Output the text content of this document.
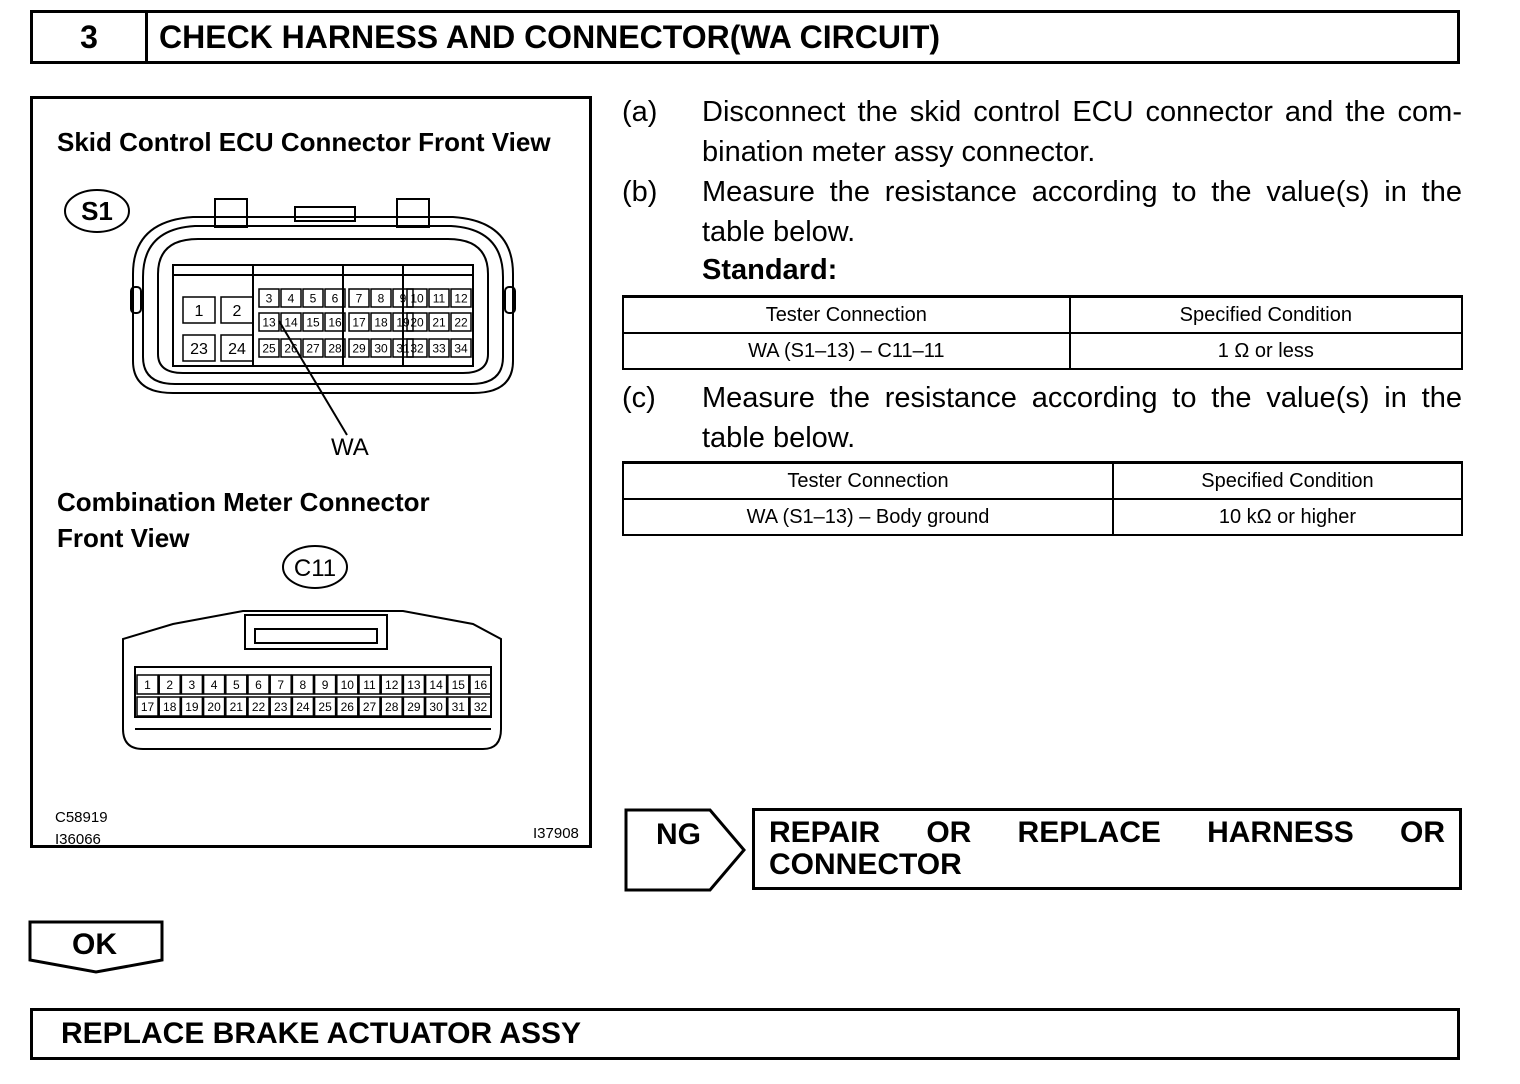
3	CHECK HARNESS AND CONNECTOR(WA CIRCUIT)
Skid Control ECU Connector Front View
S1
WA
1 2
23 24
3 4 5 6 7 8 9 10 11 12
13 14 15 16 17 18 19 20 21 22
25 26 27 28 29 30 31 32 33 34
C11
1 2 3 4 5 6 7 8 9 10 11 12 13 14 15 16
17 18 19 20 21 22 23 24 25 26 27 28 29 30 31 32
Combination Meter Connector
Front View
C58919
I36066	I37908
(a)	Disconnect the skid control ECU connector and the com-bination meter assy connector.
(b)	Measure the resistance according to the value(s) in the table below.
Standard:
(c)	Measure the resistance according to the value(s) in the table below.
Tester Connection	Specified Condition
WA (S1–13) – C11–11	1 Ω or less
Tester Connection	Specified Condition
WA (S1–13) – Body ground	10 kΩ or higher
NG REPAIR OR REPLACE HARNESS OR CONNECTOR
OK
REPLACE BRAKE ACTUATOR ASSY
